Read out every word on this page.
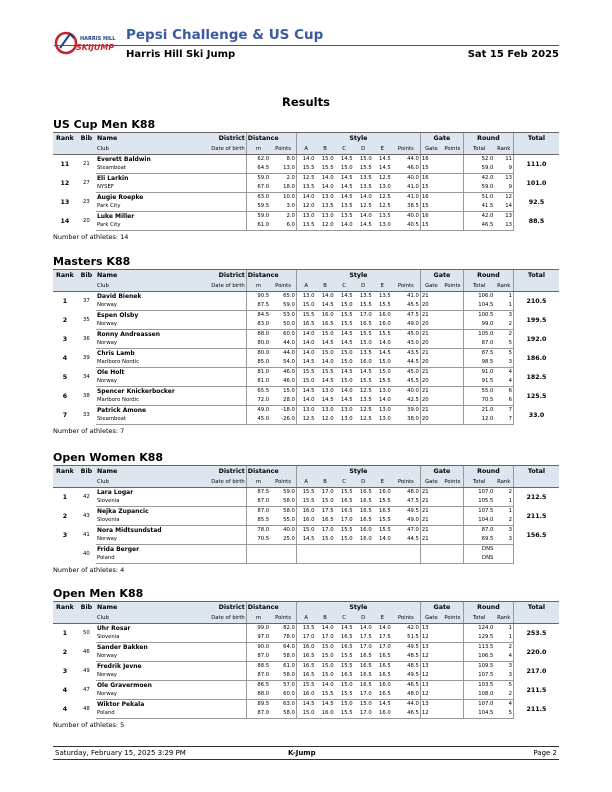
HARRIS HILL
SKIJUMP
Pepsi Challenge & US Cup
Harris Hill Ski Jump	Sat 15 Feb 2025
Results
US Cup Men K88
Rank	Bib	Name	District	Distance		Style						Gate		Round		Total
		Club	Date of birth	m	Points	A	B	C	D	E	Points	Gate	Points	Total	Rank	
11	21	Everett Baldwin		62.0	8.0	14.0	15.0	14.5	15.0	14.5	44.0	16		52.0	11	111.0
		Steamboat		64.5	13.0	15.5	15.5	15.0	15.5	14.5	46.0	15		59.0	9	
12	27	Eli Larkin		59.0	2.0	12.5	14.0	14.5	13.5	12.5	40.0	16		42.0	13	101.0
		NYSEF		67.0	18.0	13.5	14.0	14.5	13.5	13.0	41.0	15		59.0	9	
13	23	Augie Roepke		63.0	10.0	14.0	13.0	14.5	14.0	12.5	41.0	16		51.0	12	92.5
		Park City		59.5	3.0	12.0	13.5	13.5	12.5	12.5	38.5	15		41.5	14	
14	20	Luke Miller		59.0	2.0	13.0	13.0	13.5	14.0	13.5	40.0	16		42.0	13	88.5
		Park City		61.0	6.0	13.5	12.0	14.0	14.5	13.0	40.5	15		46.5	13	
Number of athletes: 14
Masters K88
Rank	Bib	Name	District	Distance		Style						Gate		Round		Total
		Club	Date of birth	m	Points	A	B	C	D	E	Points	Gate	Points	Total	Rank	
1	37	David Bienek		90.5	65.0	13.0	14.0	14.5	13.5	13.5	41.0	21		106.0	1	210.5
		Norway		87.5	59.0	15.0	14.5	15.0	15.5	15.5	45.5	20		104.5	1	
2	35	Espen Olsby		84.5	53.0	15.5	16.0	15.5	17.0	16.0	47.5	21		100.5	3	199.5
		Norway		83.0	50.0	16.5	16.5	15.5	16.5	16.0	49.0	20		99.0	2	
3	36	Ronny Andreassen		88.0	60.0	14.0	15.0	14.5	15.5	15.5	45.0	21		105.0	2	192.0
		Norway		80.0	44.0	14.0	14.5	14.5	15.0	14.0	43.0	20		87.0	5	
4	39	Chris Lamb		80.0	44.0	14.0	15.0	15.0	13.5	14.5	43.5	21		87.5	5	186.0
		Marlboro Nordic		85.0	54.0	14.5	14.0	15.0	16.0	15.0	44.5	20		98.5	3	
5	34	Ole Holt		81.0	46.0	15.5	15.5	14.5	14.5	15.0	45.0	21		91.0	4	182.5
		Norway		81.0	46.0	15.0	14.5	15.0	15.5	15.5	45.5	20		91.5	4	
6	38	Spencer Knickerbocker		65.5	15.0	14.5	13.0	14.0	12.5	13.0	40.0	21		55.0	6	125.5
		Marlboro Nordic		72.0	28.0	14.0	14.5	14.5	13.5	14.0	42.5	20		70.5	6	
7	33	Patrick Amone		49.0	-18.0	13.0	13.0	13.0	12.5	13.0	39.0	21		21.0	7	33.0
		Steamboat		45.0	-26.0	12.5	12.0	13.0	12.5	13.0	38.0	20		12.0	7	
Number of athletes: 7
Open Women K88
Rank	Bib	Name	District	Distance		Style						Gate		Round		Total
		Club	Date of birth	m	Points	A	B	C	D	E	Points	Gate	Points	Total	Rank	
1	42	Lara Logar		87.5	59.0	15.5	17.0	15.5	16.5	16.0	48.0	21		107.0	2	212.5
		Slovenia		87.0	58.0	15.5	15.0	16.5	16.5	15.5	47.5	21		105.5	1	
2	43	Nejka Zupancic		87.0	58.0	16.0	17.5	16.5	16.5	16.5	49.5	21		107.5	1	211.5
		Slovenia		85.5	55.0	16.0	16.5	17.0	16.5	15.5	49.0	21		104.0	2	
3	41	Nora Midtsundstad		78.0	40.0	15.0	17.0	15.5	16.0	15.5	47.0	21		87.0	3	156.5
		Norway		70.5	25.0	14.5	15.0	15.0	16.0	14.0	44.5	21		69.5	3	
	40	Frida Berger												DNS		
		Poland												DNS		
Number of athletes: 4
Open Men K88
Rank	Bib	Name	District	Distance		Style						Gate		Round		Total
		Club	Date of birth	m	Points	A	B	C	D	E	Points	Gate	Points	Total	Rank	
1	50	Uhr Rosar		99.0	82.0	13.5	14.0	14.5	14.0	14.0	42.0	13		124.0	1	253.5
		Slovenia		97.0	78.0	17.0	17.0	16.5	17.5	17.5	51.5	12		129.5	1	
2	46	Sander Bakken		90.0	64.0	16.0	15.0	16.5	17.0	17.0	49.5	13		113.5	2	220.0
		Norway		87.0	58.0	16.5	15.0	15.5	16.5	16.5	48.5	12		106.5	4	
3	49	Fredrik Jevne		88.5	61.0	16.5	15.0	15.5	16.5	16.5	48.5	13		109.5	3	217.0
		Norway		87.0	58.0	16.5	15.0	16.5	16.5	16.5	49.5	12		107.5	3	
4	47	Ole Gravermoen		86.5	57.0	15.5	14.0	15.0	16.5	16.0	46.5	13		103.5	5	211.5
		Norway		88.0	60.0	16.0	15.5	15.5	17.0	16.5	48.0	12		108.0	2	
4	48	Wiktor Pekala		89.5	63.0	14.5	14.5	15.0	15.0	14.5	44.0	13		107.0	4	211.5
		Poland		87.0	58.0	15.0	16.0	15.5	17.0	16.0	46.5	12		104.5	5	
Number of athletes: 5
Saturday, February 15, 2025 3:29 PM	K-Jump	Page 2
